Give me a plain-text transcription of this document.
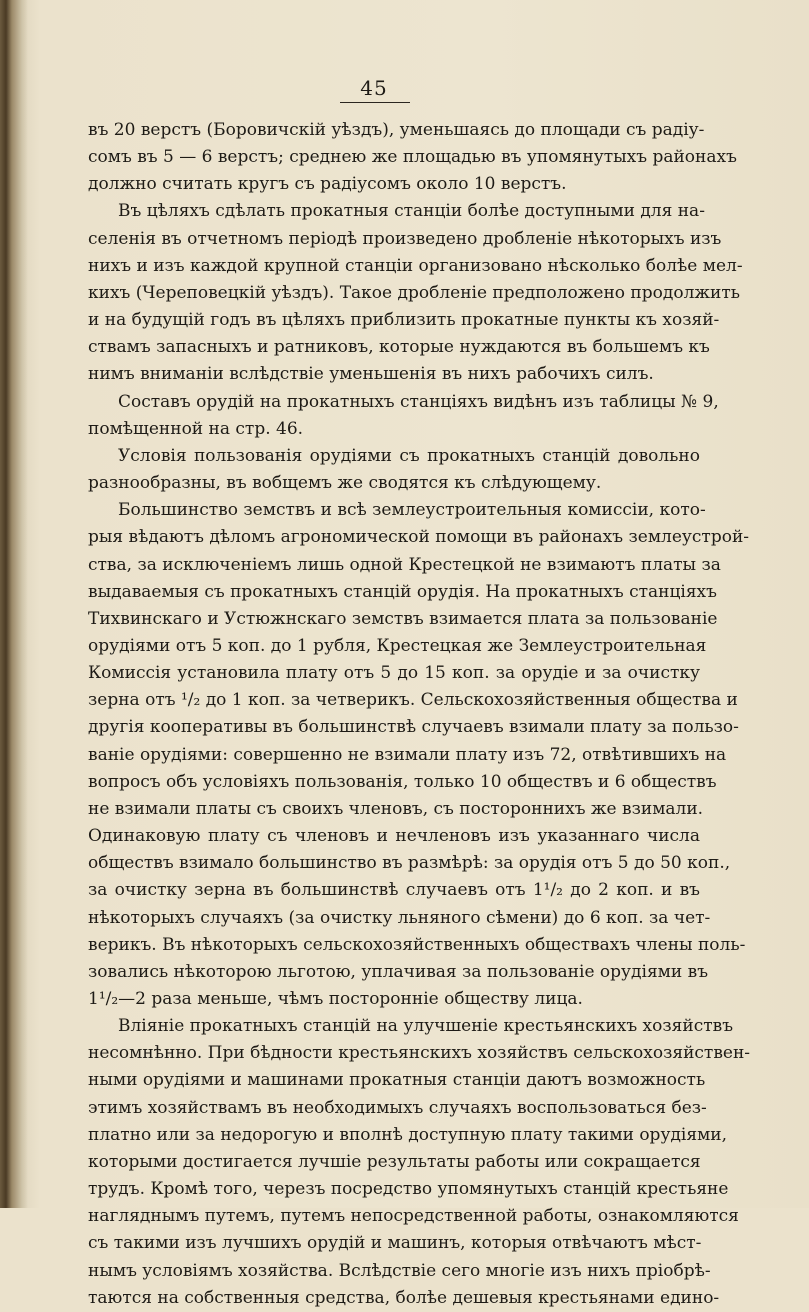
45
въ 20 верстъ (Боровичскій уѣздъ), уменьшаясь до площади съ радіу-
сомъ въ 5 — 6 верстъ; среднею же площадью въ упомянутыхъ районахъ
должно считать кругъ съ радіусомъ около 10 верстъ.
Въ цѣляхъ сдѣлать прокатныя станціи болѣе доступными для на-
селенія въ отчетномъ періодѣ произведено дробленіе нѣкоторыхъ изъ
нихъ и изъ каждой крупной станціи организовано нѣсколько болѣе мел-
кихъ (Череповецкій уѣздъ). Такое дробленіе предположено продолжить
и на будущій годъ въ цѣляхъ приблизить прокатные пункты къ хозяй-
ствамъ запасныхъ и ратниковъ, которые нуждаются въ большемъ къ
нимъ вниманіи вслѣдствіе уменьшенія въ нихъ рабочихъ силъ.
Составъ орудій на прокатныхъ станціяхъ видѣнъ изъ таблицы № 9,
помѣщенной на стр. 46.
Условія пользованія орудіями съ прокатныхъ станцій довольно
разнообразны, въ вобщемъ же сводятся къ слѣдующему.
Большинство земствъ и всѣ землеустроительныя комиссіи, кото-
рыя вѣдаютъ дѣломъ агрономической помощи въ районахъ землеустрой-
ства, за исключеніемъ лишь одной Крестецкой не взимаютъ платы за
выдаваемыя съ прокатныхъ станцій орудія. На прокатныхъ станціяхъ
Тихвинскаго и Устюжнскаго земствъ взимается плата за пользованіе
орудіями отъ 5 коп. до 1 рубля, Крестецкая же Землеустроительная
Комиссія установила плату отъ 5 до 15 коп. за орудіе и за очистку
зерна отъ ¹/₂ до 1 коп. за четверикъ. Сельскохозяйственныя общества и
другія кооперативы въ большинствѣ случаевъ взимали плату за пользо-
ваніе орудіями: совершенно не взимали плату изъ 72, отвѣтившихъ на
вопросъ объ условіяхъ пользованія, только 10 обществъ и 6 обществъ
не взимали платы съ своихъ членовъ, съ постороннихъ же взимали.
Одинаковую плату съ членовъ и нечленовъ изъ указаннаго числа
обществъ взимало большинство въ размѣрѣ: за орудія отъ 5 до 50 коп.,
за очистку зерна въ большинствѣ случаевъ отъ 1¹/₂ до 2 коп. и въ
нѣкоторыхъ случаяхъ (за очистку льняного сѣмени) до 6 коп. за чет-
верикъ. Въ нѣкоторыхъ сельскохозяйственныхъ обществахъ члены поль-
зовались нѣкоторою льготою, уплачивая за пользованіе орудіями въ
1¹/₂—2 раза меньше, чѣмъ посторонніе обществу лица.
Вліяніе прокатныхъ станцій на улучшеніе крестьянскихъ хозяйствъ
несомнѣнно. При бѣдности крестьянскихъ хозяйствъ сельскохозяйствен-
ными орудіями и машинами прокатныя станціи даютъ возможность
этимъ хозяйствамъ въ необходимыхъ случаяхъ воспользоваться без-
платно или за недорогую и вполнѣ доступную плату такими орудіями,
которыми достигается лучшіе результаты работы или сокращается
трудъ. Кромѣ того, черезъ посредство упомянутыхъ станцій крестьяне
нагляднымъ путемъ, путемъ непосредственной работы, ознакомляются
съ такими изъ лучшихъ орудій и машинъ, которыя отвѣчаютъ мѣст-
нымъ условіямъ хозяйства. Вслѣдствіе сего многіе изъ нихъ пріобрѣ-
таются на собственныя средства, болѣе дешевыя крестьянами едино-
